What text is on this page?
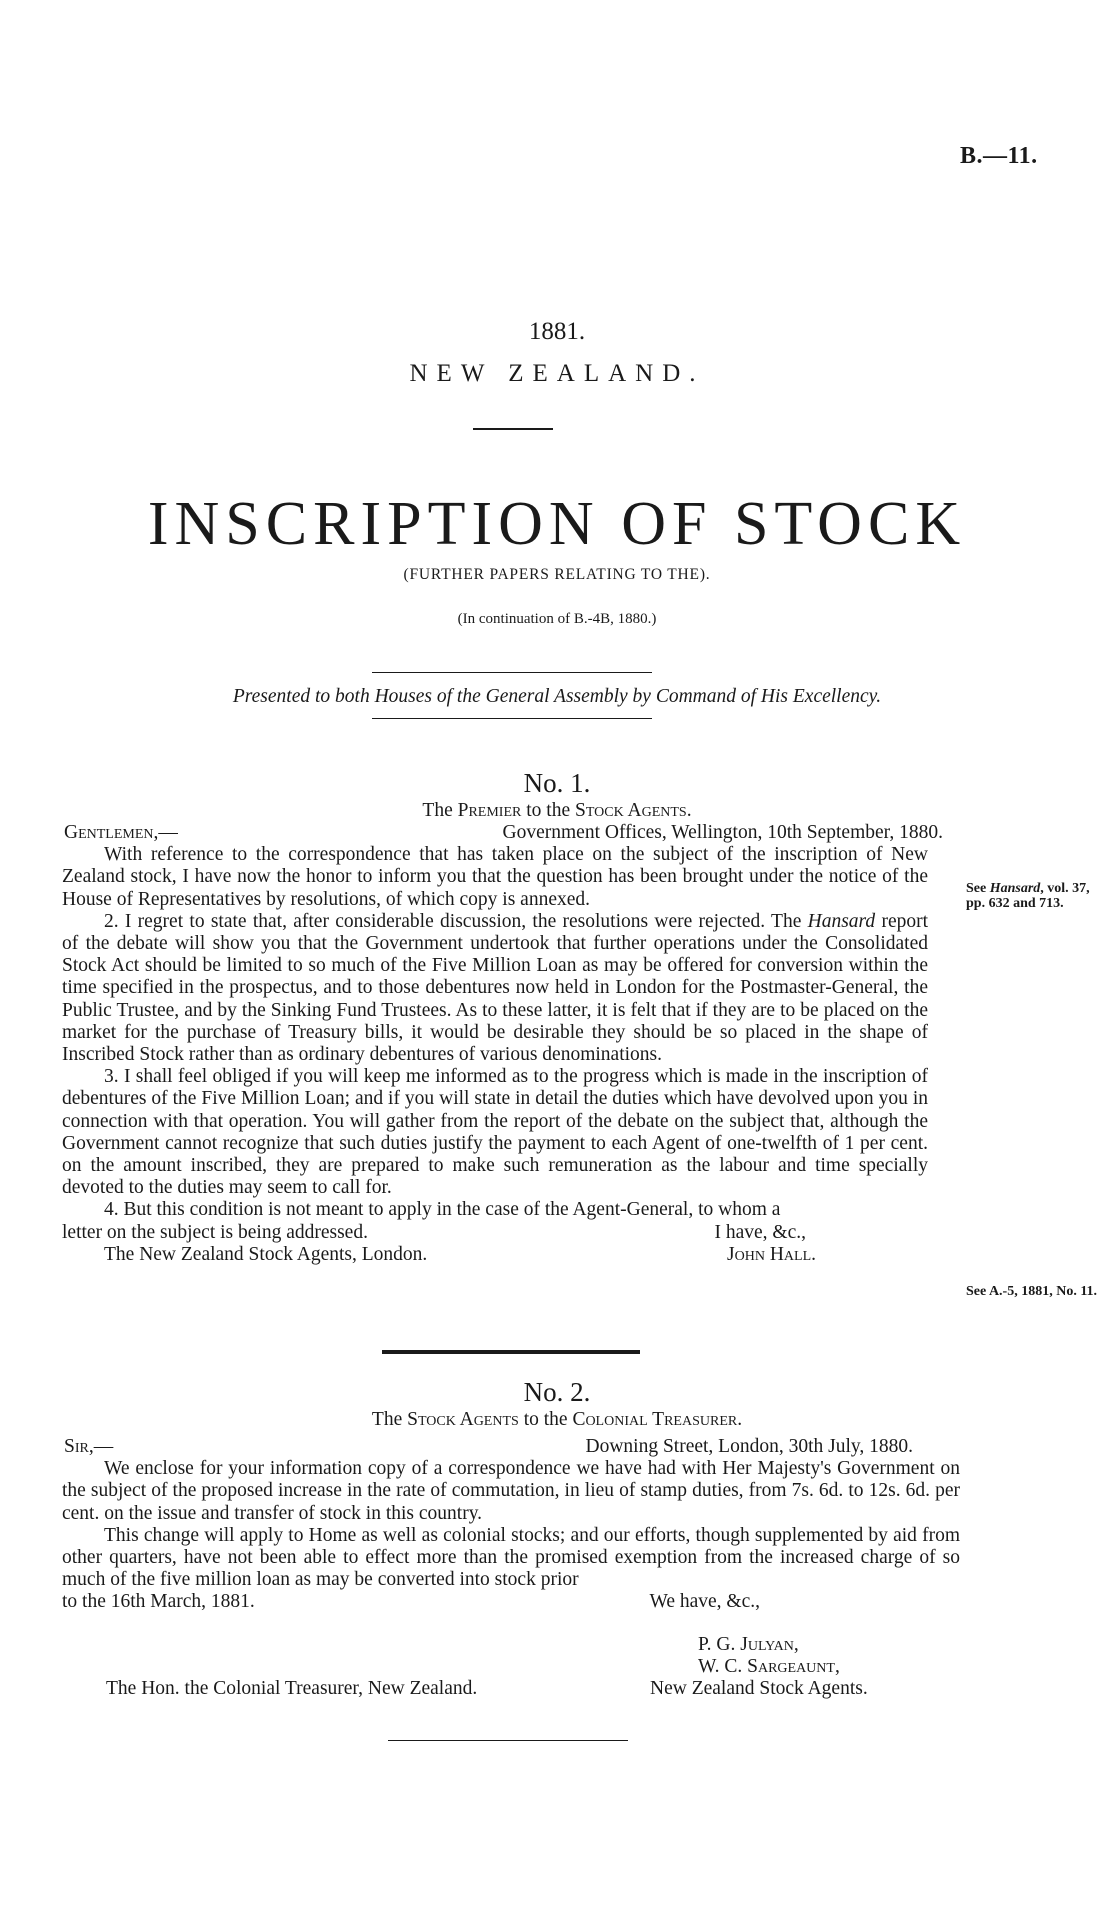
B.—11.
1881.
NEW ZEALAND.
INSCRIPTION OF STOCK
(FURTHER PAPERS RELATING TO THE).
(In continuation of B.-4B, 1880.)
Presented to both Houses of the General Assembly by Command of His Excellency.
No. 1.
The Premier to the Stock Agents.
Gentlemen,—	Government Offices, Wellington, 10th September, 1880.

With reference to the correspondence that has taken place on the subject of the inscription of New Zealand stock, I have now the honor to inform you that the question has been brought under the notice of the House of Representatives by resolutions, of which copy is annexed.

2. I regret to state that, after considerable discussion, the resolutions were rejected. The Hansard report of the debate will show you that the Government undertook that further operations under the Consolidated Stock Act should be limited to so much of the Five Million Loan as may be offered for conversion within the time specified in the prospectus, and to those debentures now held in London for the Postmaster-General, the Public Trustee, and by the Sinking Fund Trustees. As to these latter, it is felt that if they are to be placed on the market for the purchase of Treasury bills, it would be desirable they should be so placed in the shape of Inscribed Stock rather than as ordinary debentures of various denominations.

3. I shall feel obliged if you will keep me informed as to the progress which is made in the inscription of debentures of the Five Million Loan; and if you will state in detail the duties which have devolved upon you in connection with that operation. You will gather from the report of the debate on the subject that, although the Government cannot recognize that such duties justify the payment to each Agent of one-twelfth of 1 per cent. on the amount inscribed, they are prepared to make such remuneration as the labour and time specially devoted to the duties may seem to call for.

4. But this condition is not meant to apply in the case of the Agent-General, to whom a

letter on the subject is being addressed.	I have, &c.,
The New Zealand Stock Agents, London.	John Hall.
See Hansard, vol. 37, pp. 632 and 713.
See A.-5, 1881, No. 11.
No. 2.
The Stock Agents to the Colonial Treasurer.
Sir,—	Downing Street, London, 30th July, 1880.

We enclose for your information copy of a correspondence we have had with Her Majesty's Government on the subject of the proposed increase in the rate of commutation, in lieu of stamp duties, from 7s. 6d. to 12s. 6d. per cent. on the issue and transfer of stock in this country.

This change will apply to Home as well as colonial stocks; and our efforts, though supplemented by aid from other quarters, have not been able to effect more than the promised exemption from the increased charge of so much of the five million loan as may be converted into stock prior

to the 16th March, 1881.	We have, &c.,
P. G. Julyan,
W. C. Sargeaunt,
The Hon. the Colonial Treasurer, New Zealand.	New Zealand Stock Agents.
